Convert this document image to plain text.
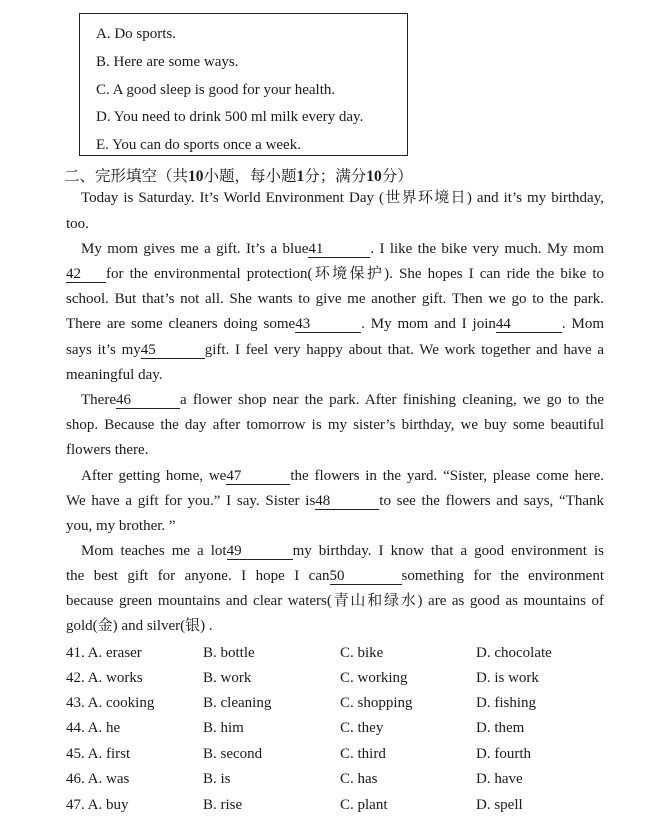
A. Do sports.
B. Here are some ways.
C. A good sleep is good for your health.
D. You need to drink 500 ml milk every day.
E. You can do sports once a week.
二、完形填空（共10小题，每小题1分；满分10分）
Today is Saturday. It’s World Environment Day (世界环境日) and it’s my birthday,
too.
My mom gives me a gift. It’s a blue41	. I like the bike very much. My mom
42 for the environmental protection(环境保护). She hopes I can ride the bike to
school. But that’s not all. She wants to give me another gift. Then we go to the park.
There are some cleaners doing some43	. My mom and I join44	. Mom
says it’s my45	gift. I feel very happy about that. We work together and have a
meaningful day.
There46	a flower shop near the park. After finishing cleaning, we go to the
shop. Because the day after tomorrow is my sister’s birthday, we buy some beautiful
flowers there.
After getting home, we47	the flowers in the yard. “Sister, please come here.
We have a gift for you.” I say. Sister is48	to see the flowers and says, “Thank
you, my brother. ”
Mom teaches me a lot49	my birthday. I know that a good environment is
the best gift for anyone. I hope I can50	something for the environment
because green mountains and clear waters(青山和绿水) are as good as mountains of
gold(金) and silver(银) .
41. A. eraser	B. bottle	C. bike	D. chocolate
42. A. works	B. work	C. working	D. is work
43. A. cooking	B. cleaning	C. shopping	D. fishing
44. A. he	B. him	C. they	D. them
45. A. first	B. second	C. third	D. fourth
46. A. was	B. is	C. has	D. have
47. A. buy	B. rise	C. plant	D. spell
